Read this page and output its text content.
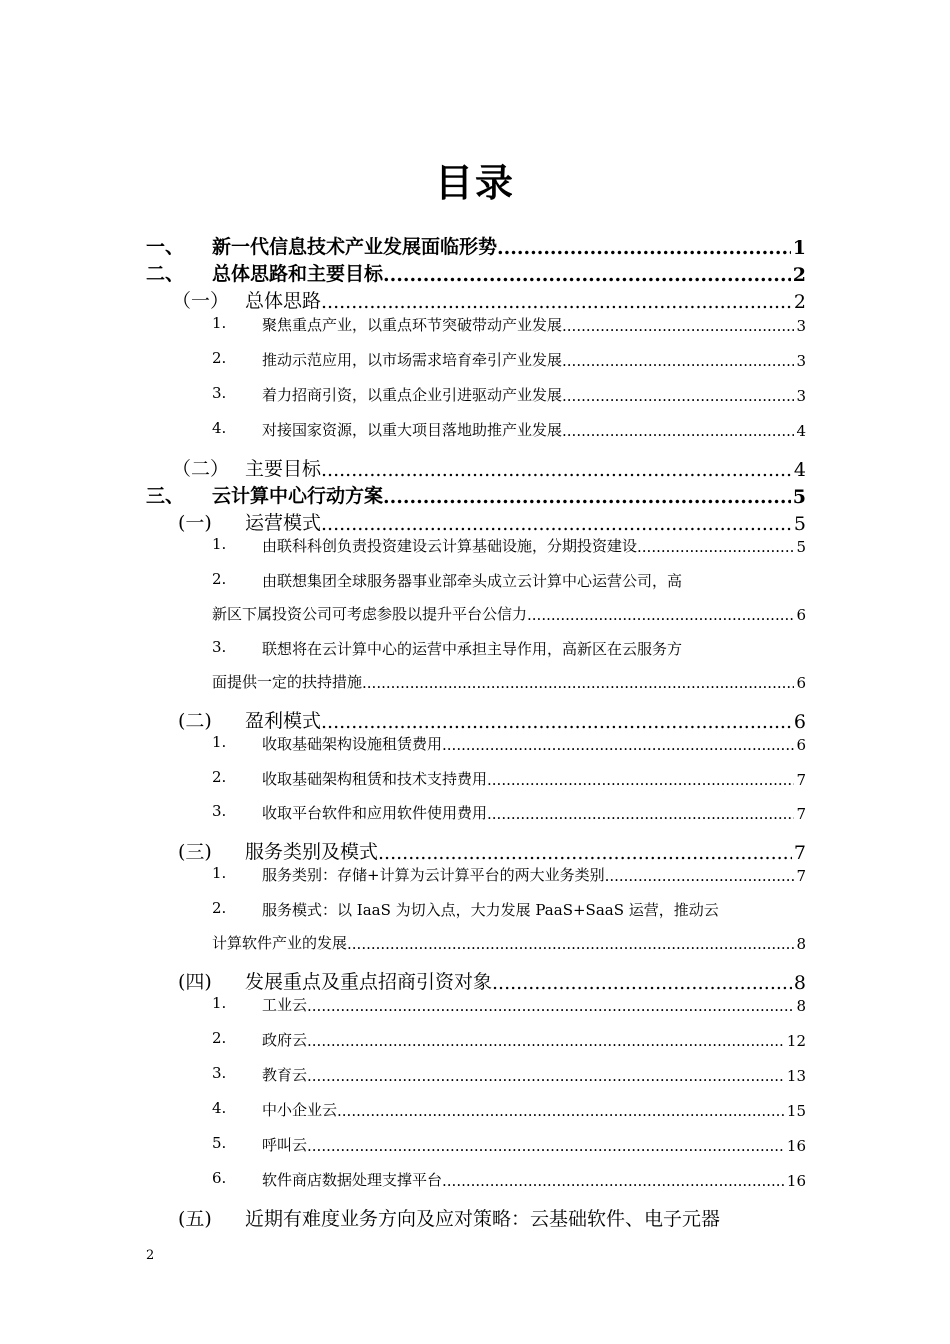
目录
一、 新一代信息技术产业发展面临形势 .....	1
二、 总体思路和主要目标 .....	2
（一） 总体思路 .....	2
1. 聚焦重点产业，以重点环节突破带动产业发展 .....	3
2. 推动示范应用，以市场需求培育牵引产业发展 .....	3
3. 着力招商引资，以重点企业引进驱动产业发展 .....	3
4. 对接国家资源，以重大项目落地助推产业发展 .....	4
（二） 主要目标 .....	4
三、 云计算中心行动方案 .....	5
(一) 运营模式 .....	5
1. 由联科科创负责投资建设云计算基础设施，分期投资建设 .....	5
2. 由联想集团全球服务器事业部牵头成立云计算中心运营公司，高
新区下属投资公司可考虑参股以提升平台公信力 .....	6
3. 联想将在云计算中心的运营中承担主导作用，高新区在云服务方
面提供一定的扶持措施 .....	6
(二) 盈利模式 .....	6
1. 收取基础架构设施租赁费用 .....	6
2. 收取基础架构租赁和技术支持费用 .....	7
3. 收取平台软件和应用软件使用费用 .....	7
(三) 服务类别及模式 .....	7
1. 服务类别：存储+计算为云计算平台的两大业务类别 .....	7
2. 服务模式：以 IaaS 为切入点，大力发展 PaaS+SaaS 运营，推动云
计算软件产业的发展 .....	8
(四) 发展重点及重点招商引资对象 .....	8
1. 工业云 .....	8
2. 政府云 .....	12
3. 教育云 .....	13
4. 中小企业云 .....	15
5. 呼叫云 .....	16
6. 软件商店数据处理支撑平台 .....	16
(五) 近期有难度业务方向及应对策略：云基础软件、电子元器
2
